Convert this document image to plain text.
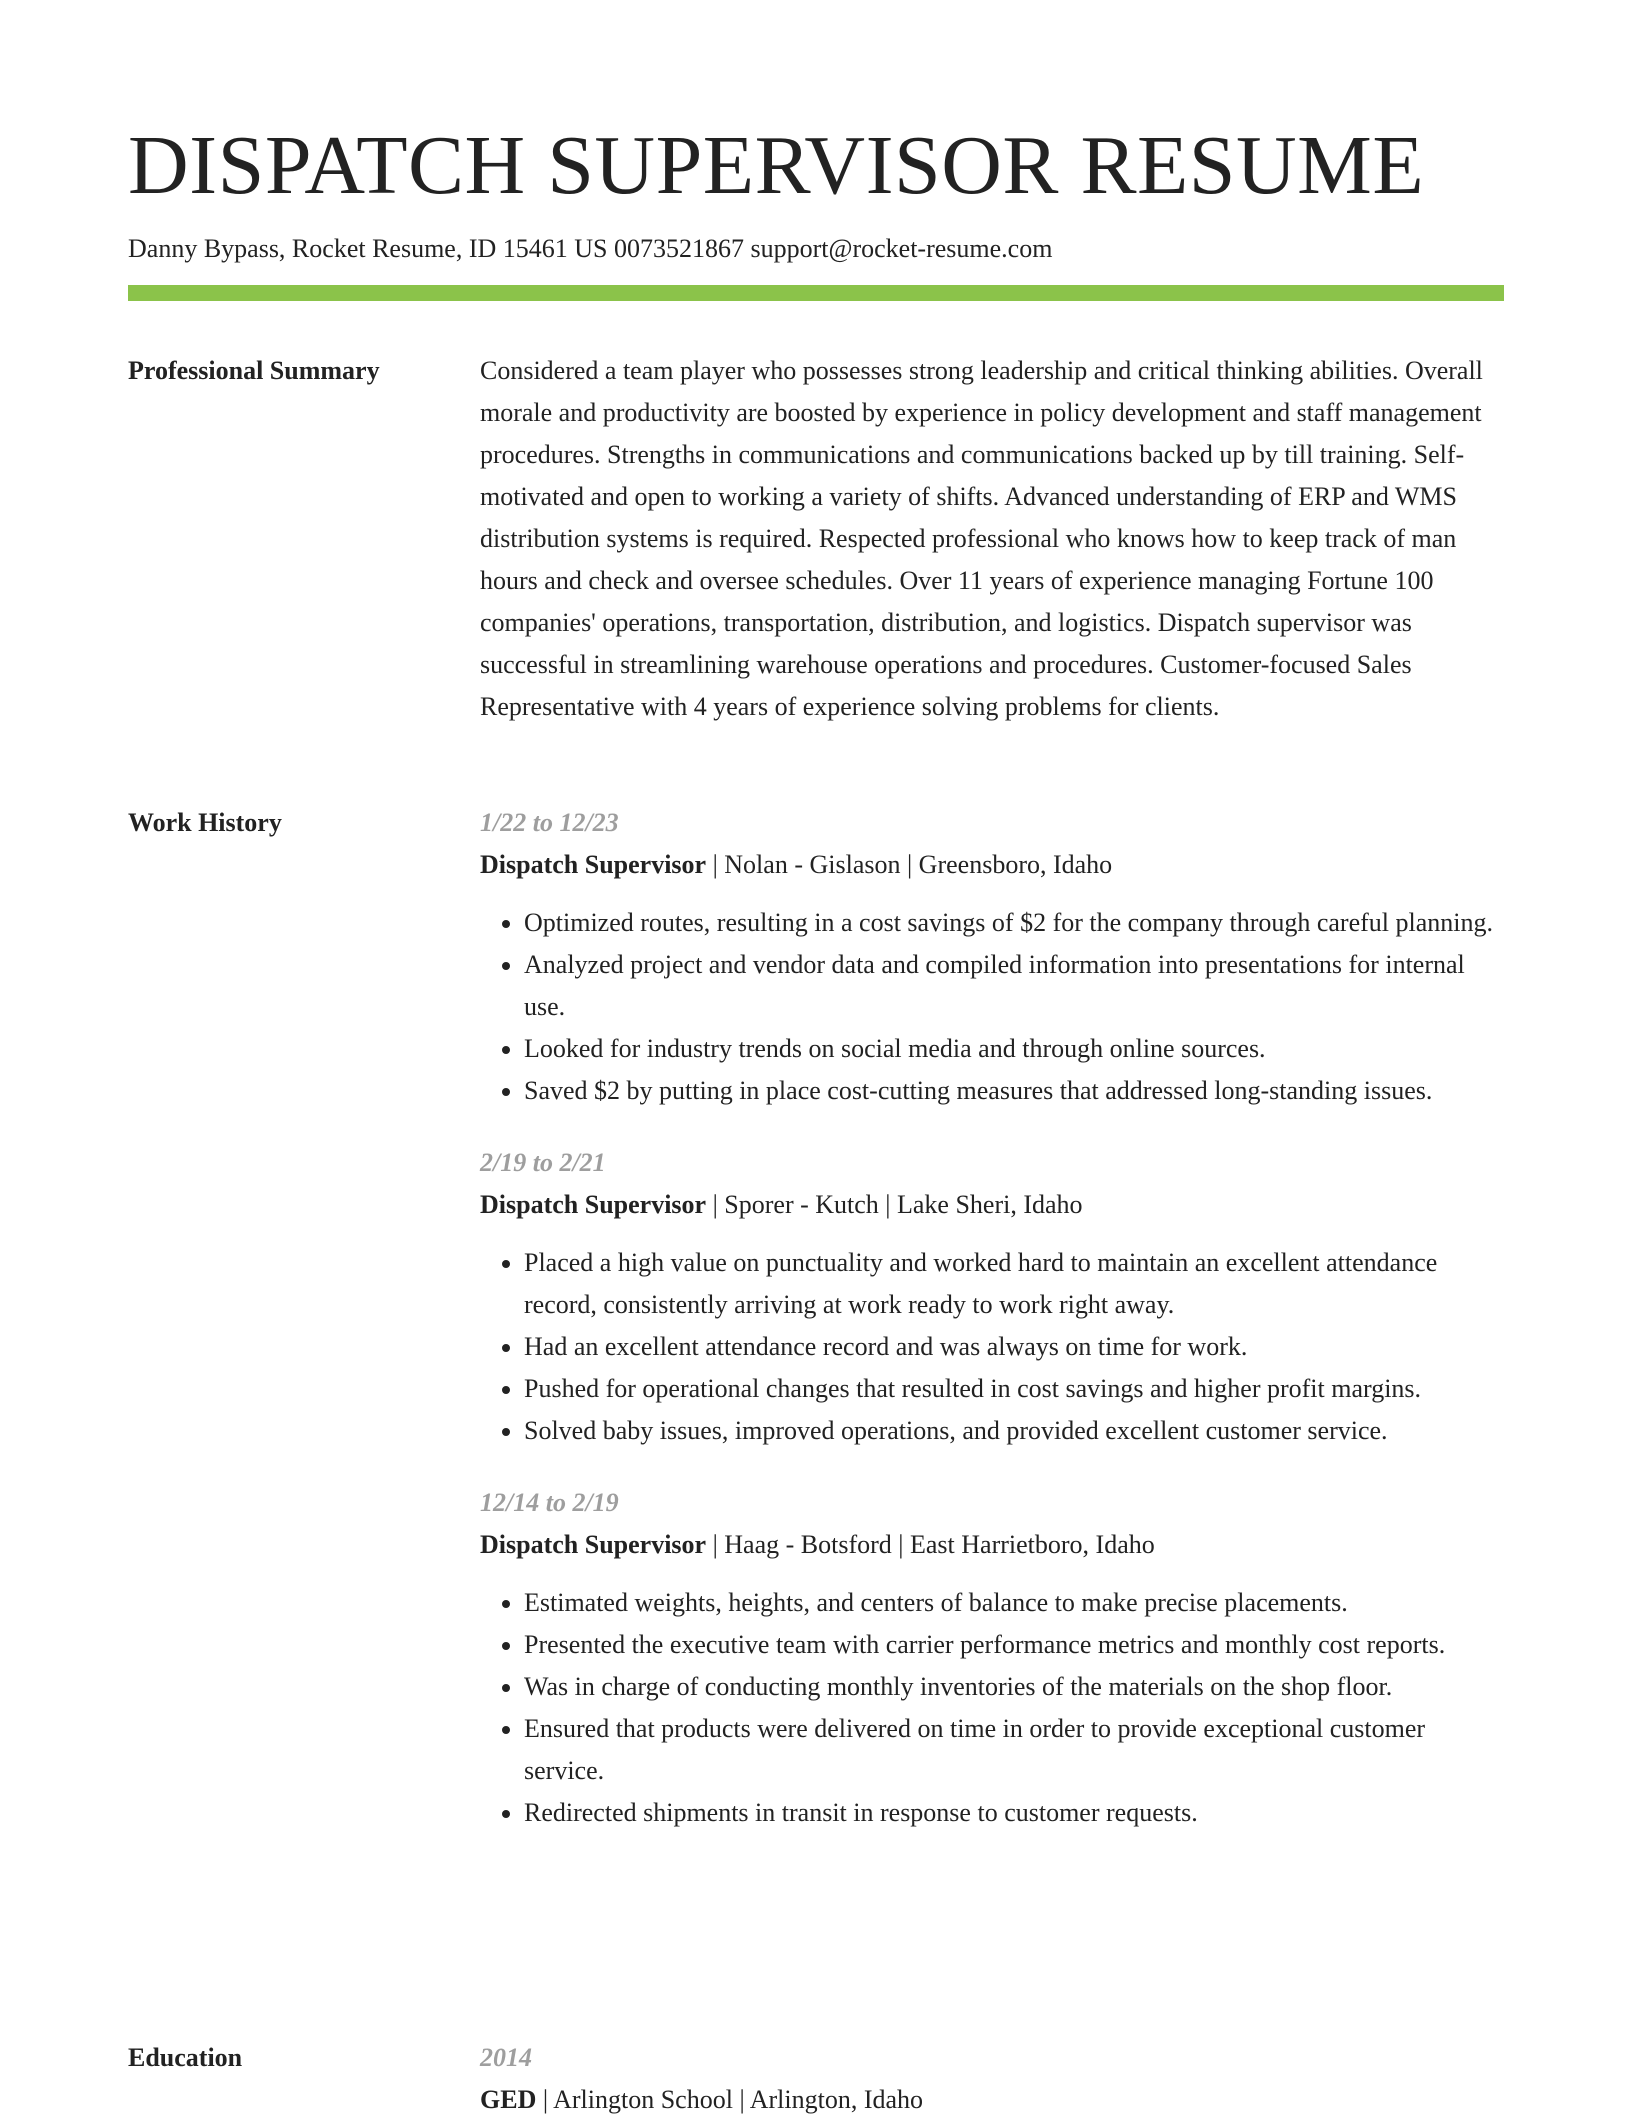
DISPATCH SUPERVISOR RESUME
Danny Bypass, Rocket Resume, ID 15461 US 0073521867 support@rocket-resume.com
Professional Summary	Considered a team player who possesses strong leadership and critical thinking abilities. Overall morale and productivity are boosted by experience in policy development and staff management procedures. Strengths in communications and communications backed up by till training. Self-motivated and open to working a variety of shifts. Advanced understanding of ERP and WMS distribution systems is required. Respected professional who knows how to keep track of man hours and check and oversee schedules. Over 11 years of experience managing Fortune 100 companies' operations, transportation, distribution, and logistics. Dispatch supervisor was successful in streamlining warehouse operations and procedures. Customer-focused Sales Representative with 4 years of experience solving problems for clients.

Work History	1/22 to 12/23
Dispatch Supervisor | Nolan - Gislason | Greensboro, Idaho
• Optimized routes, resulting in a cost savings of $2 for the company through careful planning.
• Analyzed project and vendor data and compiled information into presentations for internal use.
• Looked for industry trends on social media and through online sources.
• Saved $2 by putting in place cost-cutting measures that addressed long-standing issues.
2/19 to 2/21
Dispatch Supervisor | Sporer - Kutch | Lake Sheri, Idaho
• Placed a high value on punctuality and worked hard to maintain an excellent attendance record, consistently arriving at work ready to work right away.
• Had an excellent attendance record and was always on time for work.
• Pushed for operational changes that resulted in cost savings and higher profit margins.
• Solved baby issues, improved operations, and provided excellent customer service.
12/14 to 2/19
Dispatch Supervisor | Haag - Botsford | East Harrietboro, Idaho
• Estimated weights, heights, and centers of balance to make precise placements.
• Presented the executive team with carrier performance metrics and monthly cost reports.
• Was in charge of conducting monthly inventories of the materials on the shop floor.
• Ensured that products were delivered on time in order to provide exceptional customer service.
• Redirected shipments in transit in response to customer requests.
Education	2014
GED | Arlington School | Arlington, Idaho
